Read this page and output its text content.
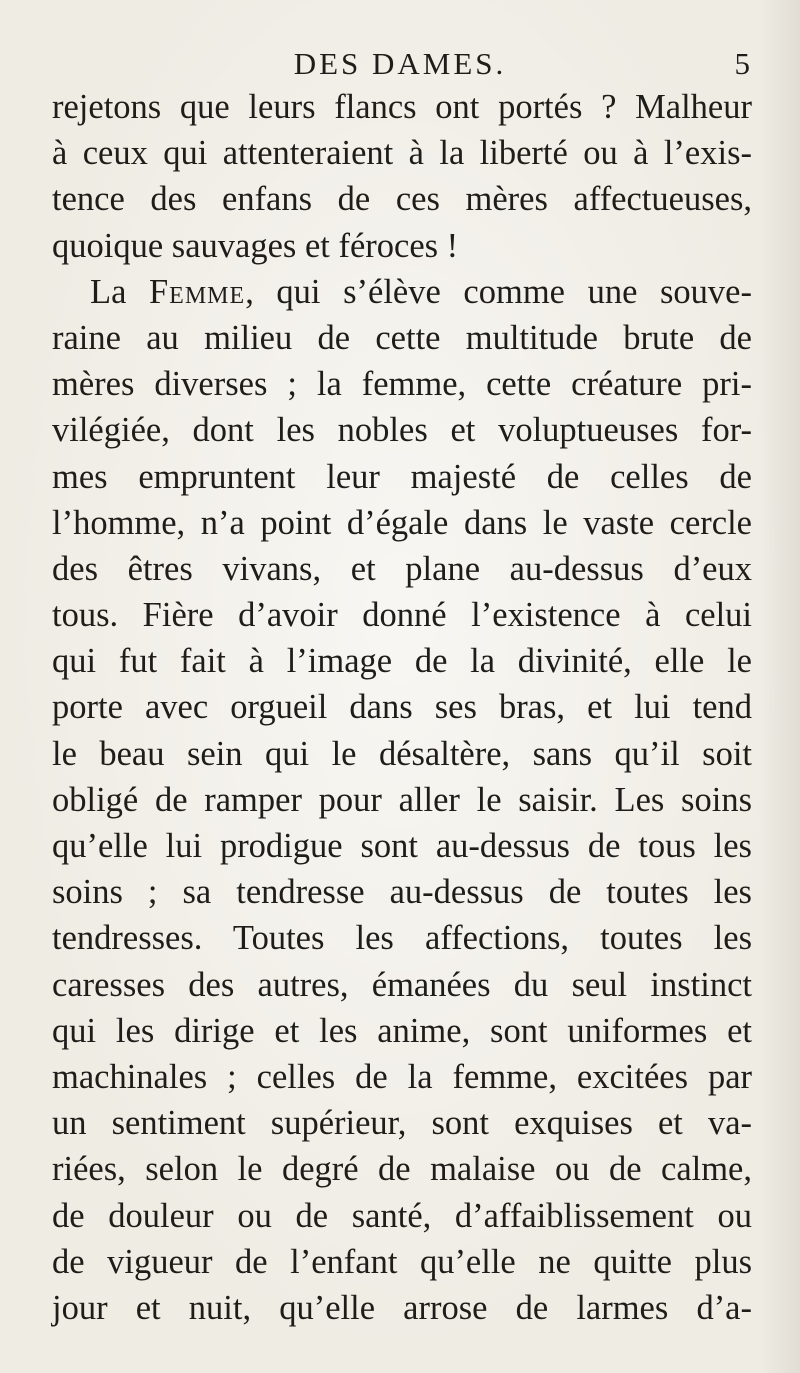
DES DAMES.	5
rejetons que leurs flancs ont portés ? Malheur
à ceux qui attenteraient à la liberté ou à l’exis-
tence des enfans de ces mères affectueuses,
quoique sauvages et féroces !
La Femme, qui s’élève comme une souve-
raine au milieu de cette multitude brute de
mères diverses ; la femme, cette créature pri-
vilégiée, dont les nobles et voluptueuses for-
mes empruntent leur majesté de celles de
l’homme, n’a point d’égale dans le vaste cercle
des êtres vivans, et plane au-dessus d’eux
tous. Fière d’avoir donné l’existence à celui
qui fut fait à l’image de la divinité, elle le
porte avec orgueil dans ses bras, et lui tend
le beau sein qui le désaltère, sans qu’il soit
obligé de ramper pour aller le saisir. Les soins
qu’elle lui prodigue sont au-dessus de tous les
soins ; sa tendresse au-dessus de toutes les
tendresses. Toutes les affections, toutes les
caresses des autres, émanées du seul instinct
qui les dirige et les anime, sont uniformes et
machinales ; celles de la femme, excitées par
un sentiment supérieur, sont exquises et va-
riées, selon le degré de malaise ou de calme,
de douleur ou de santé, d’affaiblissement ou
de vigueur de l’enfant qu’elle ne quitte plus
jour et nuit, qu’elle arrose de larmes d’a-
